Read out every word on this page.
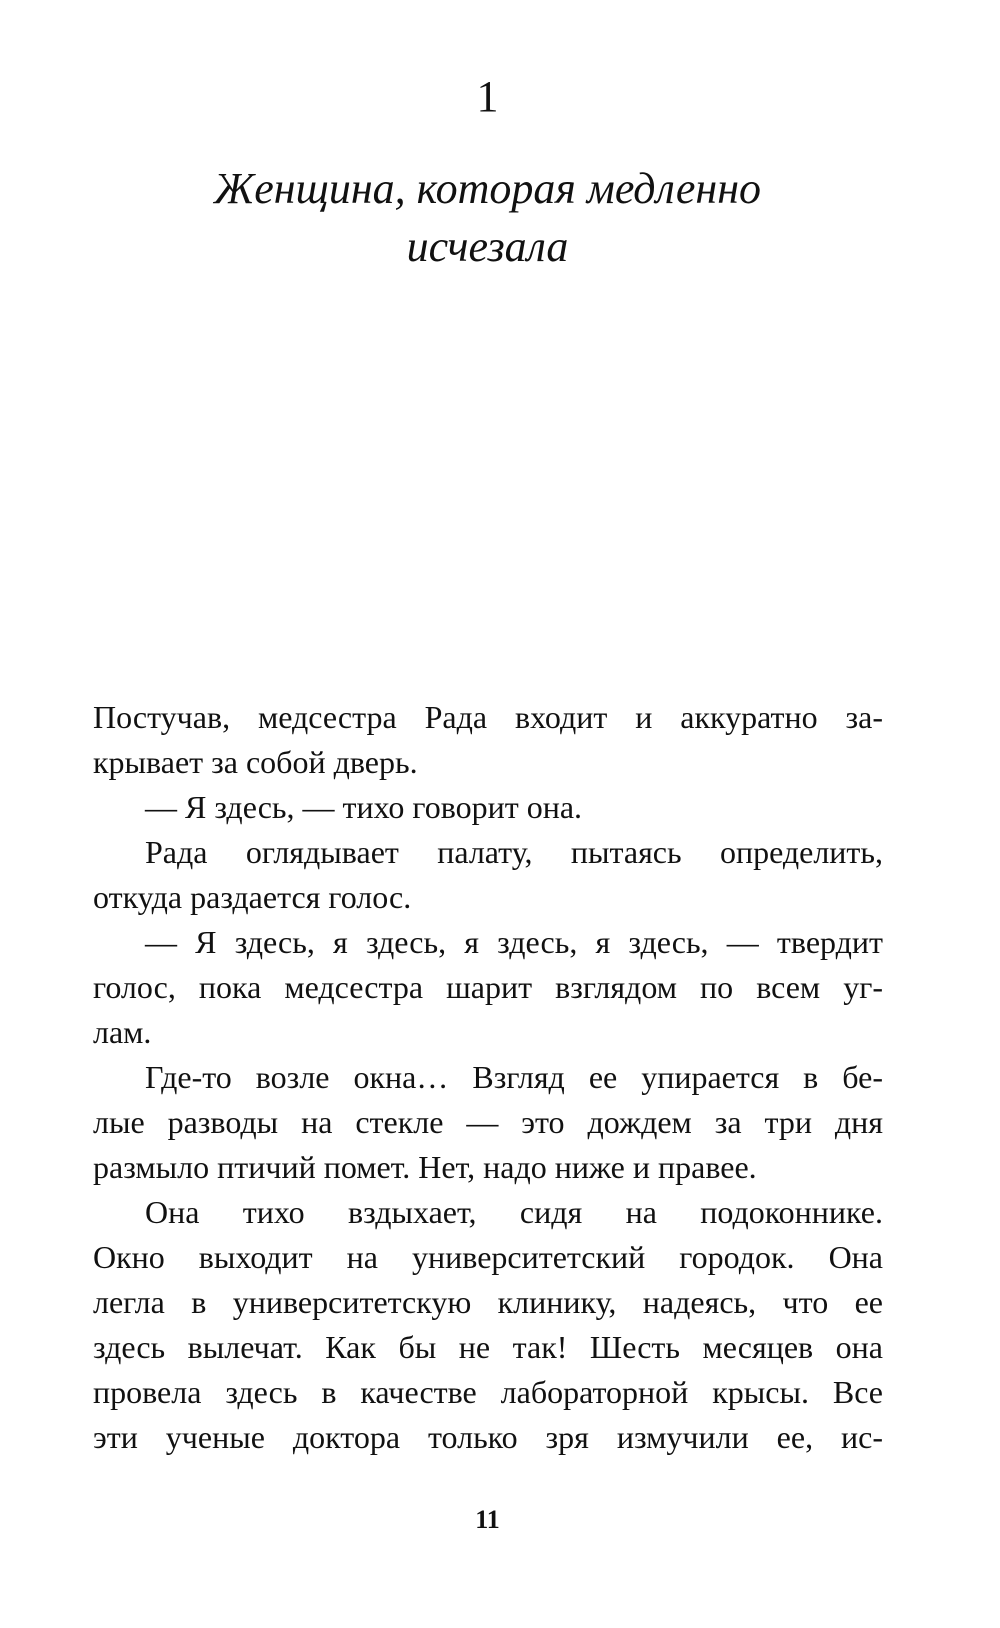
1
Женщина, которая медленно
исчезала
Постучав, медсестра Рада входит и аккуратно за-
крывает за собой дверь.
— Я здесь, — тихо говорит она.
Рада оглядывает палату, пытаясь определить,
откуда раздается голос.
— Я здесь, я здесь, я здесь, я здесь, — твердит
голос, пока медсестра шарит взглядом по всем уг-
лам.
Где-то возле окна… Взгляд ее упирается в бе-
лые разводы на стекле — это дождем за три дня
размыло птичий помет. Нет, надо ниже и правее.
Она тихо вздыхает, сидя на подоконнике.
Окно выходит на университетский городок. Она
легла в университетскую клинику, надеясь, что ее
здесь вылечат. Как бы не так! Шесть месяцев она
провела здесь в качестве лабораторной крысы. Все
эти ученые доктора только зря измучили ее, ис-
11
